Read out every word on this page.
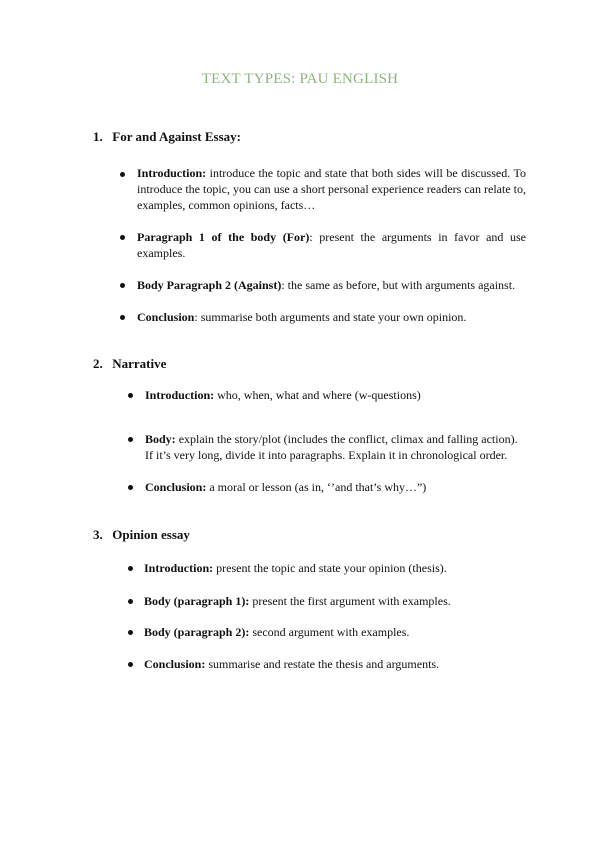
TEXT TYPES: PAU ENGLISH
1. For and Against Essay:
Introduction: introduce the topic and state that both sides will be discussed. To introduce the topic, you can use a short personal experience readers can relate to, examples, common opinions, facts…
Paragraph 1 of the body (For): present the arguments in favor and use examples.
Body Paragraph 2 (Against): the same as before, but with arguments against.
Conclusion: summarise both arguments and state your own opinion.
2. Narrative
Introduction: who, when, what and where (w-questions)
Body: explain the story/plot (includes the conflict, climax and falling action). If it’s very long, divide it into paragraphs. Explain it in chronological order.
Conclusion: a moral or lesson (as in, ‘’and that’s why…”)
3. Opinion essay
Introduction: present the topic and state your opinion (thesis).
Body (paragraph 1): present the first argument with examples.
Body (paragraph 2): second argument with examples.
Conclusion: summarise and restate the thesis and arguments.
